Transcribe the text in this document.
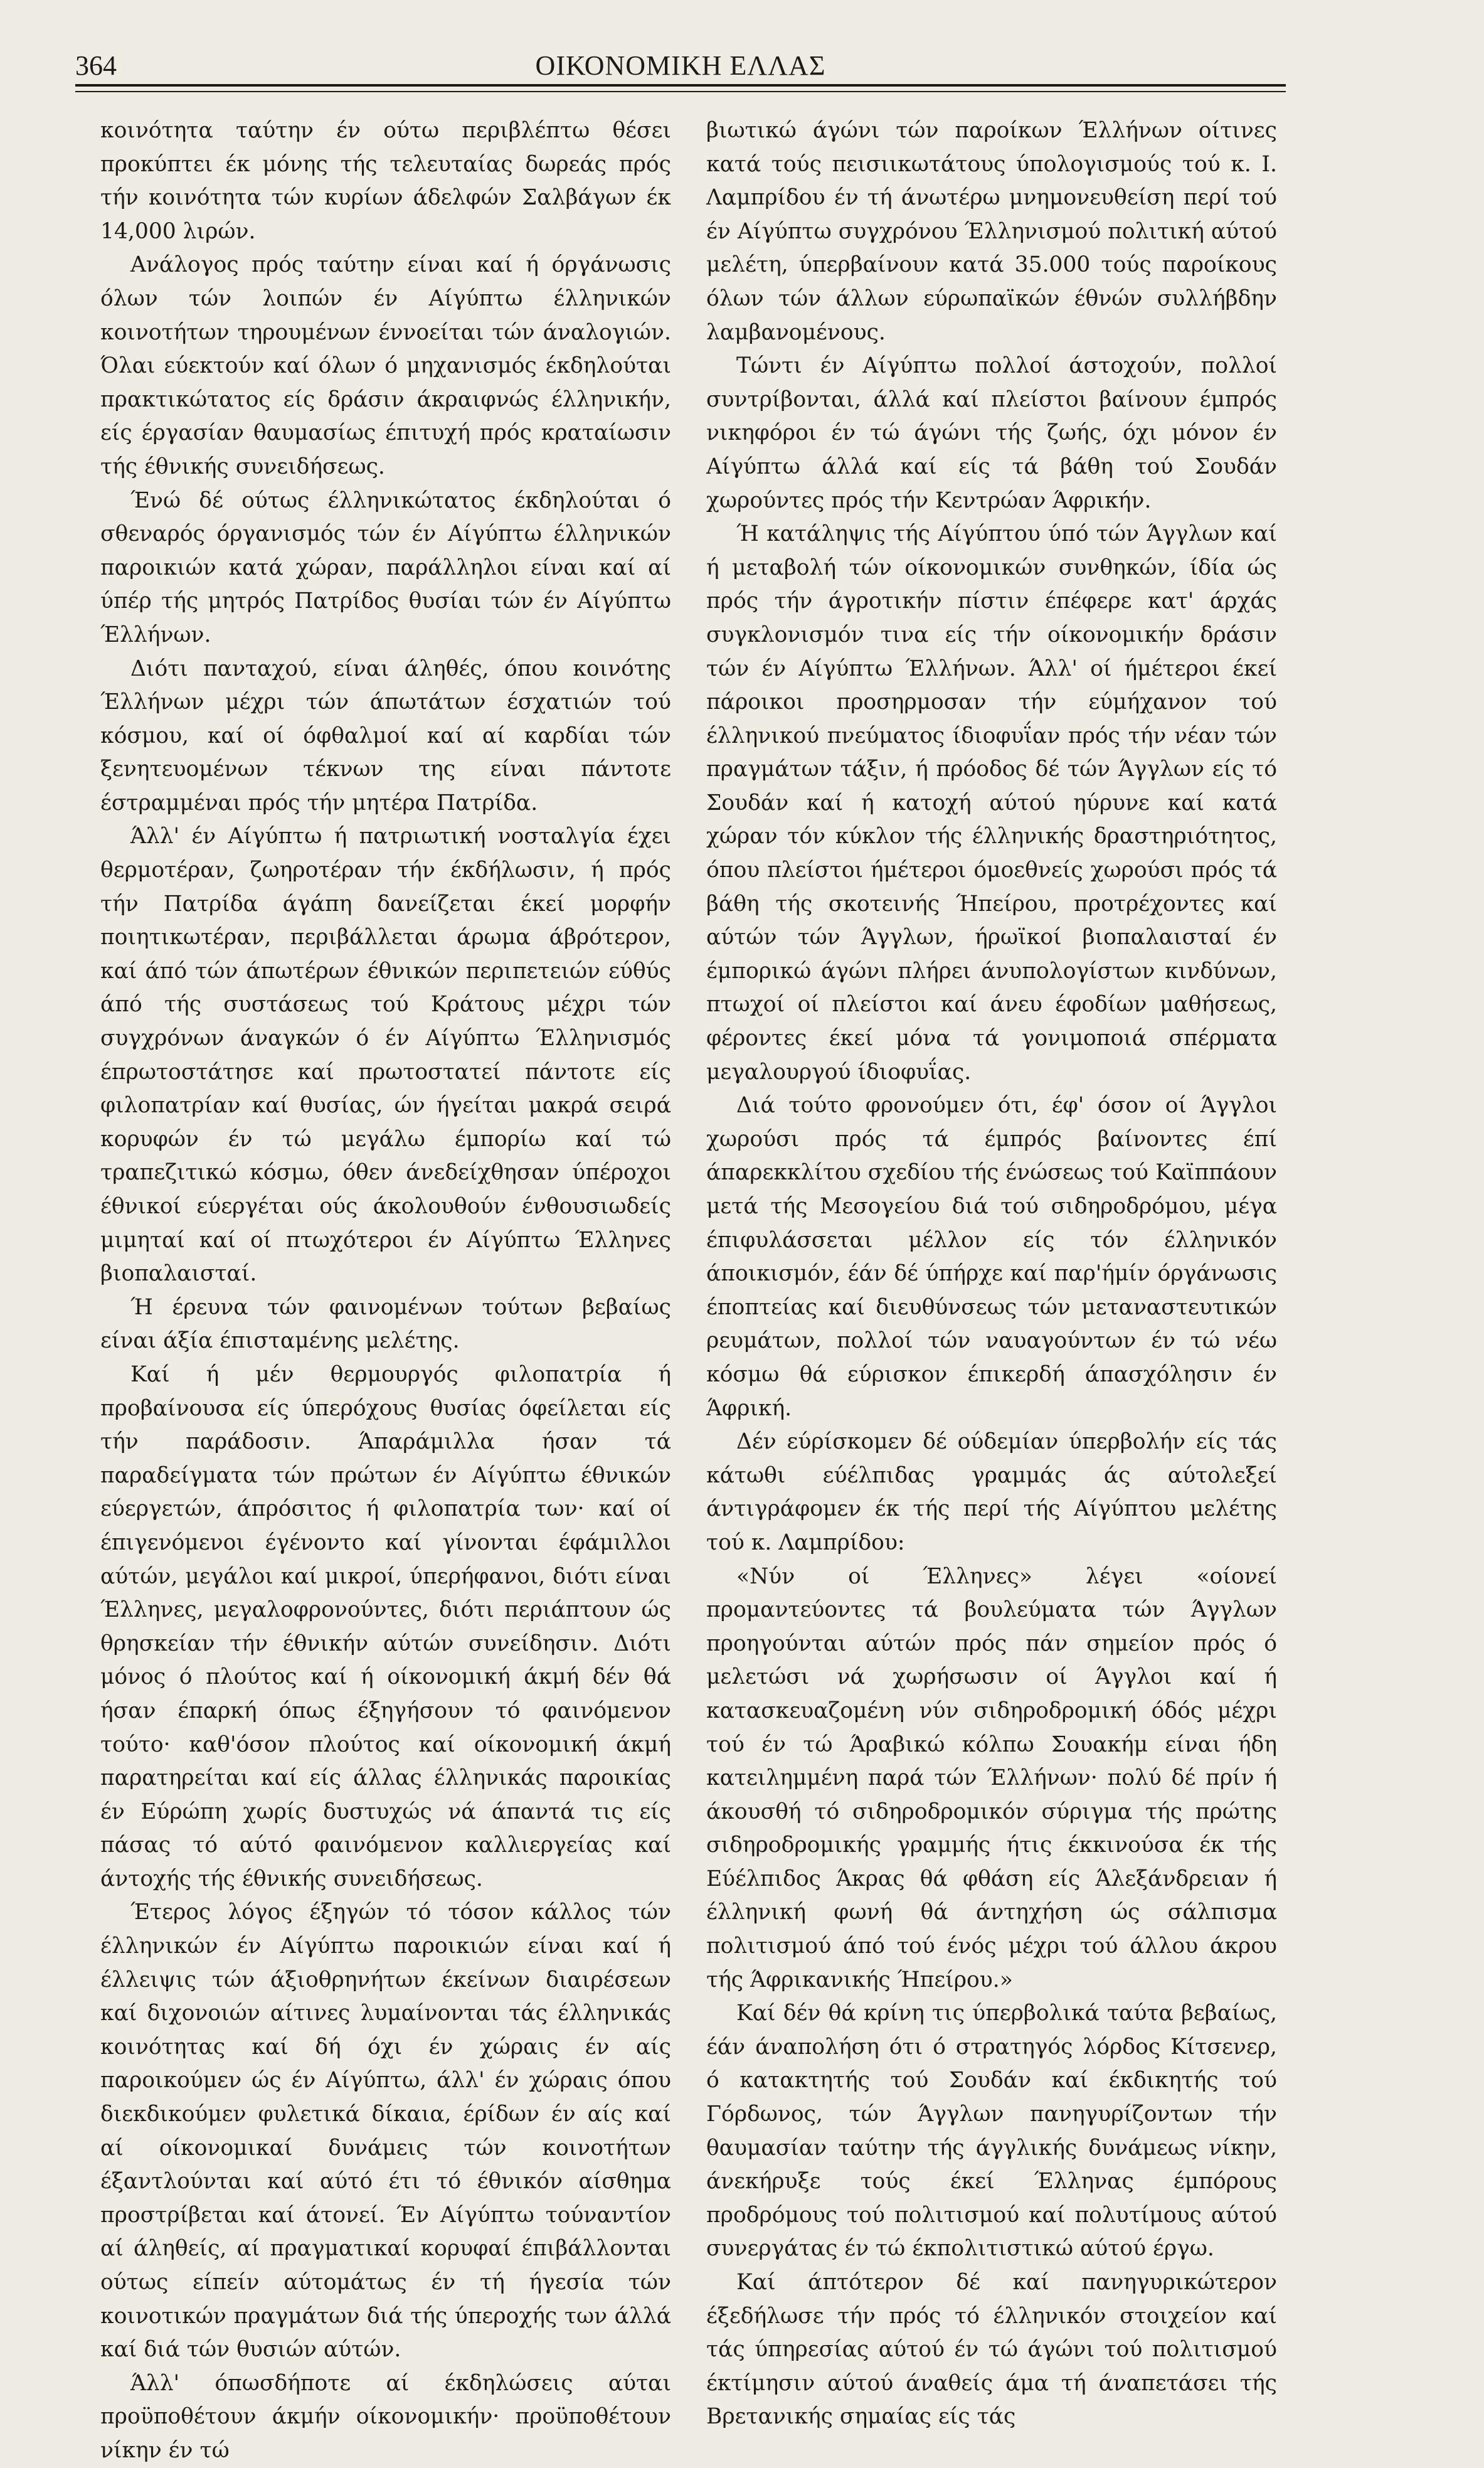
364	ΟΙΚΟΝΟΜΙΚΗ ΕΛΛΑΣ

κοινότητα ταύτην έν ούτω περιβλέπτω θέσει προκύπτει έκ μόνης τής τελευταίας δωρεάς πρός τήν κοινότητα τών κυρίων άδελφών Σαλβάγων έκ 14,000 λιρών.

Ανάλογος πρός ταύτην είναι καί ή όργάνωσις όλων τών λοιπών έν Αίγύπτω έλληνικών κοινοτήτων τηρουμένων έννοείται τών άναλογιών. Όλαι εύεκτούν καί όλων ό μηχανισμός έκδηλούται πρακτικώτατος είς δράσιν άκραιφνώς έλληνικήν, είς έργασίαν θαυμασίως έπιτυχή πρός κραταίωσιν τής έθνικής συνειδήσεως.

Ένώ δέ ούτως έλληνικώτατος έκδηλούται ό σθεναρός όργανισμός τών έν Αίγύπτω έλληνικών παροικιών κατά χώραν, παράλληλοι είναι καί αί ύπέρ τής μητρός Πατρίδος θυσίαι τών έν Αίγύπτω Έλλήνων.

Διότι πανταχού, είναι άληθές, όπου κοινότης Έλλήνων μέχρι τών άπωτάτων έσχατιών τού κόσμου, καί οί όφθαλμοί καί αί καρδίαι τών ξενητευομένων τέκνων της είναι πάντοτε έστραμμέναι πρός τήν μητέρα Πατρίδα.

Άλλ' έν Αίγύπτω ή πατριωτική νοσταλγία έχει θερμοτέραν, ζωηροτέραν τήν έκδήλωσιν, ή πρός τήν Πατρίδα άγάπη δανείζεται έκεί μορφήν ποιητικωτέραν, περιβάλλεται άρωμα άβρότερον, καί άπό τών άπωτέρων έθνικών περιπετειών εύθύς άπό τής συστάσεως τού Κράτους μέχρι τών συγχρόνων άναγκών ό έν Αίγύπτω Έλληνισμός έπρωτοστάτησε καί πρωτοστατεί πάντοτε είς φιλοπατρίαν καί θυσίας, ών ήγείται μακρά σειρά κορυφών έν τώ μεγάλω έμπορίω καί τώ τραπεζιτικώ κόσμω, όθεν άνεδείχθησαν ύπέροχοι έθνικοί εύεργέται ούς άκολουθούν ένθουσιωδείς μιμηταί καί οί πτωχότεροι έν Αίγύπτω Έλληνες βιοπαλαισταί.

Ή έρευνα τών φαινομένων τούτων βεβαίως είναι άξία έπισταμένης μελέτης.

Καί ή μέν θερμουργός φιλοπατρία ή προβαίνουσα είς ύπερόχους θυσίας όφείλεται είς τήν παράδοσιν. Άπαράμιλλα ήσαν τά παραδείγματα τών πρώτων έν Αίγύπτω έθνικών εύεργετών, άπρόσιτος ή φιλοπατρία των· καί οί έπιγενόμενοι έγένοντο καί γίνονται έφάμιλλοι αύτών, μεγάλοι καί μικροί, ύπερήφανοι, διότι είναι Έλληνες, μεγαλοφρονούντες, διότι περιάπτουν ώς θρησκείαν τήν έθνικήν αύτών συνείδησιν. Διότι μόνος ό πλούτος καί ή οίκονομική άκμή δέν θά ήσαν έπαρκή όπως έξηγήσουν τό φαινόμενον τούτο· καθ'όσον πλούτος καί οίκονομική άκμή παρατηρείται καί είς άλλας έλληνικάς παροικίας έν Εύρώπη χωρίς δυστυχώς νά άπαντά τις είς πάσας τό αύτό φαινόμενον καλλιεργείας καί άντοχής τής έθνικής συνειδήσεως.

Έτερος λόγος έξηγών τό τόσον κάλλος τών έλληνικών έν Αίγύπτω παροικιών είναι καί ή έλλειψις τών άξιοθρηνήτων έκείνων διαιρέσεων καί διχονοιών αίτινες λυμαίνονται τάς έλληνικάς κοινότητας καί δή όχι έν χώραις έν αίς παροικούμεν ώς έν Αίγύπτω, άλλ' έν χώραις όπου διεκδικούμεν φυλετικά δίκαια, έρίδων έν αίς καί αί οίκονομικαί δυνάμεις τών κοινοτήτων έξαντλούνται καί αύτό έτι τό έθνικόν αίσθημα προστρίβεται καί άτονεί. Έν Αίγύπτω τούναντίον αί άληθείς, αί πραγματικαί κορυφαί έπιβάλλονται ούτως είπείν αύτομάτως έν τή ήγεσία τών κοινοτικών πραγμάτων διά τής ύπεροχής των άλλά καί διά τών θυσιών αύτών.

Άλλ' όπωσδήποτε αί έκδηλώσεις αύται προϋποθέτουν άκμήν οίκονομικήν· προϋποθέτουν νίκην έν τώ

βιωτικώ άγώνι τών παροίκων Έλλήνων οίτινες κατά τούς πεισιικωτάτους ύπολογισμούς τού κ. Ι. Λαμπρίδου έν τή άνωτέρω μνημονευθείση περί τού έν Αίγύπτω συγχρόνου Έλληνισμού πολιτική αύτού μελέτη, ύπερβαίνουν κατά 35.000 τούς παροίκους όλων τών άλλων εύρωπαϊκών έθνών συλλήβδην λαμβανομένους.

Τώντι έν Αίγύπτω πολλοί άστοχούν, πολλοί συντρίβονται, άλλά καί πλείστοι βαίνουν έμπρός νικηφόροι έν τώ άγώνι τής ζωής, όχι μόνον έν Αίγύπτω άλλά καί είς τά βάθη τού Σουδάν χωρούντες πρός τήν Κεντρώαν Άφρικήν.

Ή κατάληψις τής Αίγύπτου ύπό τών Άγγλων καί ή μεταβολή τών οίκονομικών συνθηκών, ίδία ώς πρός τήν άγροτικήν πίστιν έπέφερε κατ' άρχάς συγκλονισμόν τινα είς τήν οίκονομικήν δράσιν τών έν Αίγύπτω Έλλήνων. Άλλ' οί ήμέτεροι έκεί πάροικοι προσηρμοσαν τήν εύμήχανον τού έλληνικού πνεύματος ίδιοφυΐαν πρός τήν νέαν τών πραγμάτων τάξιν, ή πρόοδος δέ τών Άγγλων είς τό Σουδάν καί ή κατοχή αύτού ηύρυνε καί κατά χώραν τόν κύκλον τής έλληνικής δραστηριότητος, όπου πλείστοι ήμέτεροι όμοεθνείς χωρούσι πρός τά βάθη τής σκοτεινής Ήπείρου, προτρέχοντες καί αύτών τών Άγγλων, ήρωϊκοί βιοπαλαισταί έν έμπορικώ άγώνι πλήρει άνυπολογίστων κινδύνων, πτωχοί οί πλείστοι καί άνευ έφοδίων μαθήσεως, φέροντες έκεί μόνα τά γονιμοποιά σπέρματα μεγαλουργού ίδιοφυΐας.

Διά τούτο φρονούμεν ότι, έφ' όσον οί Άγγλοι χωρούσι πρός τά έμπρός βαίνοντες έπί άπαρεκκλίτου σχεδίου τής ένώσεως τού Καϊππάουν μετά τής Μεσογείου διά τού σιδηροδρόμου, μέγα έπιφυλάσσεται μέλλον είς τόν έλληνικόν άποικισμόν, έάν δέ ύπήρχε καί παρ'ήμίν όργάνωσις έποπτείας καί διευθύνσεως τών μεταναστευτικών ρευμάτων, πολλοί τών ναυαγούντων έν τώ νέω κόσμω θά εύρισκον έπικερδή άπασχόλησιν έν Άφρική.

Δέν εύρίσκομεν δέ ούδεμίαν ύπερβολήν είς τάς κάτωθι εύέλπιδας γραμμάς άς αύτολεξεί άντιγράφομεν έκ τής περί τής Αίγύπτου μελέτης τού κ. Λαμπρίδου:

«Νύν οί Έλληνες» λέγει «οίονεί προμαντεύοντες τά βουλεύματα τών Άγγλων προηγούνται αύτών πρός πάν σημείον πρός ό μελετώσι νά χωρήσωσιν οί Άγγλοι καί ή κατασκευαζομένη νύν σιδηροδρομική όδός μέχρι τού έν τώ Άραβικώ κόλπω Σουακήμ είναι ήδη κατειλημμένη παρά τών Έλλήνων· πολύ δέ πρίν ή άκουσθή τό σιδηροδρομικόν σύριγμα τής πρώτης σιδηροδρομικής γραμμής ήτις έκκινούσα έκ τής Εύέλπιδος Άκρας θά φθάση είς Άλεξάνδρειαν ή έλληνική φωνή θά άντηχήση ώς σάλπισμα πολιτισμού άπό τού ένός μέχρι τού άλλου άκρου τής Άφρικανικής Ήπείρου.»

Καί δέν θά κρίνη τις ύπερβολικά ταύτα βεβαίως, έάν άναπολήση ότι ό στρατηγός λόρδος Κίτσενερ, ό κατακτητής τού Σουδάν καί έκδικητής τού Γόρδωνος, τών Άγγλων πανηγυρίζοντων τήν θαυμασίαν ταύτην τής άγγλικής δυνάμεως νίκην, άνεκήρυξε τούς έκεί Έλληνας έμπόρους προδρόμους τού πολιτισμού καί πολυτίμους αύτού συνεργάτας έν τώ έκπολιτιστικώ αύτού έργω.

Καί άπτότερον δέ καί πανηγυρικώτερον έξεδήλωσε τήν πρός τό έλληνικόν στοιχείον καί τάς ύπηρεσίας αύτού έν τώ άγώνι τού πολιτισμού έκτίμησιν αύτού άναθείς άμα τή άναπετάσει τής Βρετανικής σημαίας είς τάς
